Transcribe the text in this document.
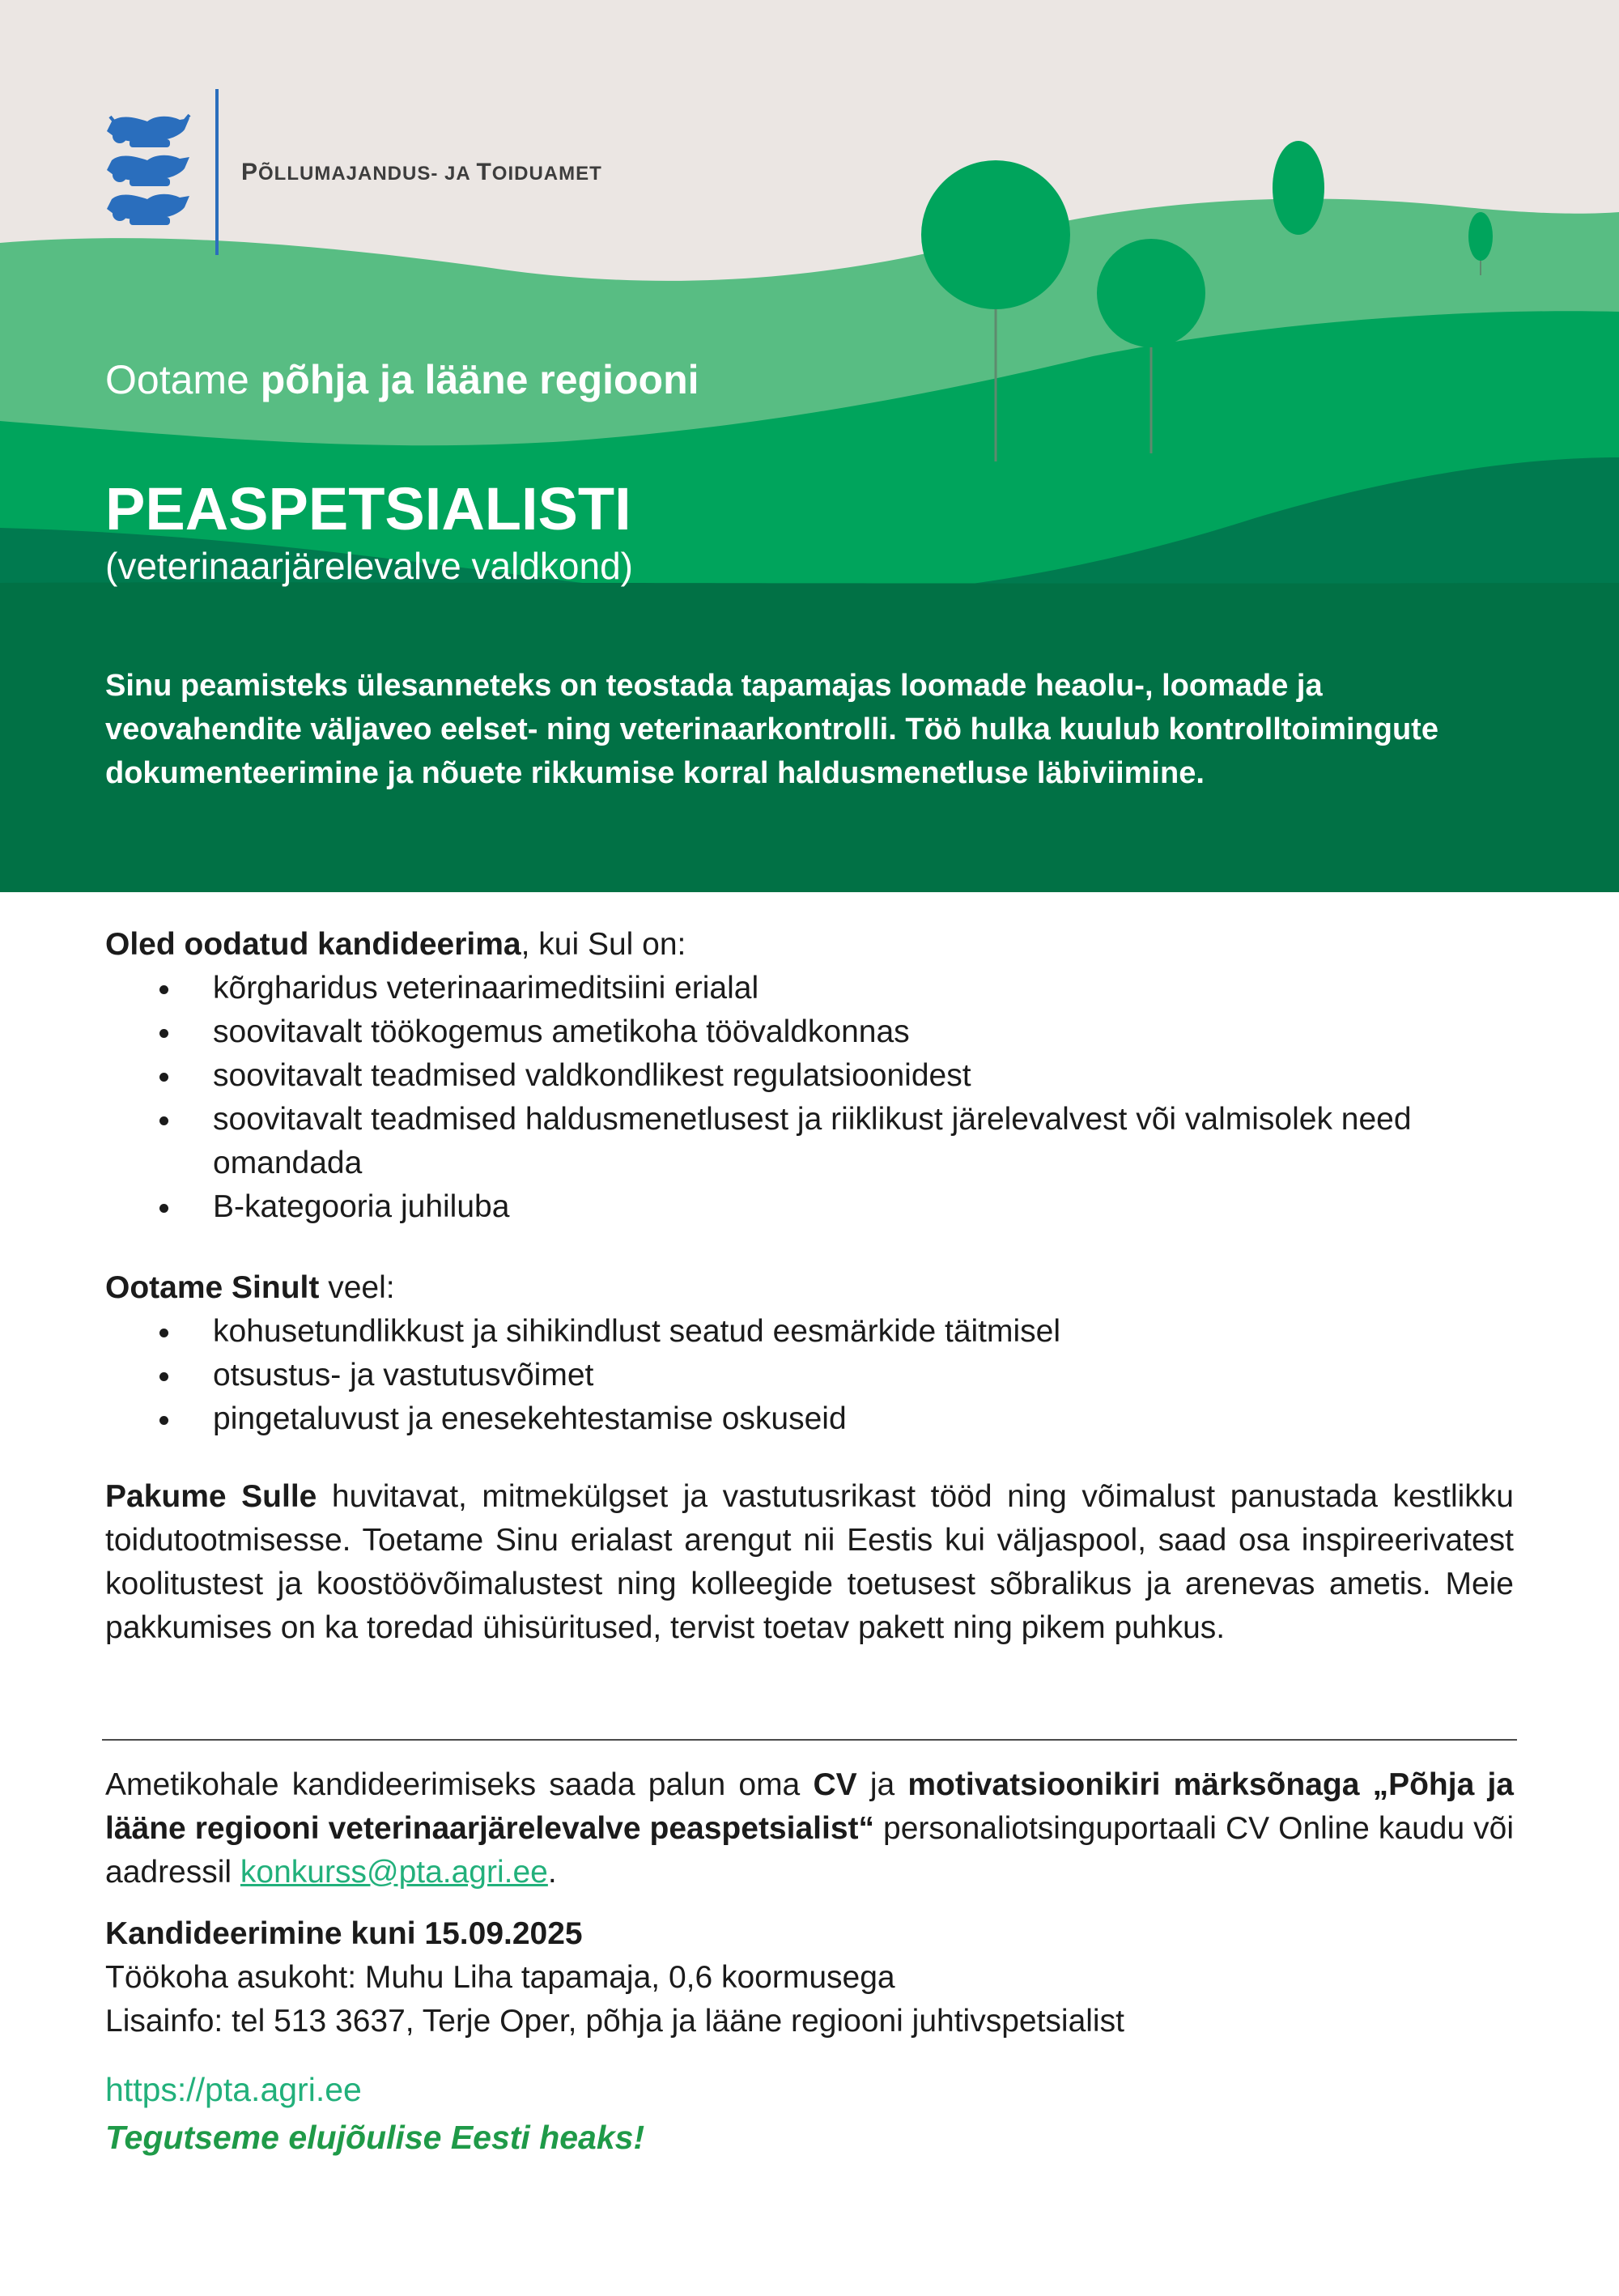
PÕLLUMAJANDUS- JA TOIDUAMET
Ootame põhja ja lääne regiooni
PEASPETSIALISTI
(veterinaarjärelevalve valdkond)
Sinu peamisteks ülesanneteks on teostada tapamajas loomade heaolu-, loomade ja veovahendite väljaveo eelset- ning veterinaarkontrolli. Töö hulka kuulub kontrolltoimingute dokumenteerimine ja nõuete rikkumise korral haldusmenetluse läbiviimine.

Oled oodatud kandideerima, kui Sul on:

kõrgharidus veterinaarimeditsiini erialal
soovitavalt töökogemus ametikoha töövaldkonnas
soovitavalt teadmised valdkondlikest regulatsioonidest
soovitavalt teadmised haldusmenetlusest ja riiklikust järelevalvest või valmisolek need omandada
B-kategooria juhiluba

Ootame Sinult veel:

kohusetundlikkust ja sihikindlust seatud eesmärkide täitmisel
otsustus- ja vastutusvõimet
pingetaluvust ja enesekehtestamise oskuseid

Pakume Sulle huvitavat, mitmekülgset ja vastutusrikast tööd ning võimalust panustada kestlikku toidutootmisesse. Toetame Sinu erialast arengut nii Eestis kui väljaspool, saad osa inspireerivatest koolitustest ja koostöövõimalustest ning kolleegide toetusest sõbralikus ja arenevas ametis. Meie pakkumises on ka toredad ühisüritused, tervist toetav pakett ning pikem puhkus.

Ametikohale kandideerimiseks saada palun oma CV ja motivatsioonikiri märksõnaga „Põhja ja lääne regiooni veterinaarjärelevalve peaspetsialist“ personaliotsinguportaali CV Online kaudu või aadressil konkurss@pta.agri.ee.

Kandideerimine kuni 15.09.2025
Töökoha asukoht: Muhu Liha tapamaja, 0,6 koormusega
Lisainfo: tel 513 3637, Terje Oper, põhja ja lääne regiooni juhtivspetsialist
https://pta.agri.ee
Tegutseme elujõulise Eesti heaks!
